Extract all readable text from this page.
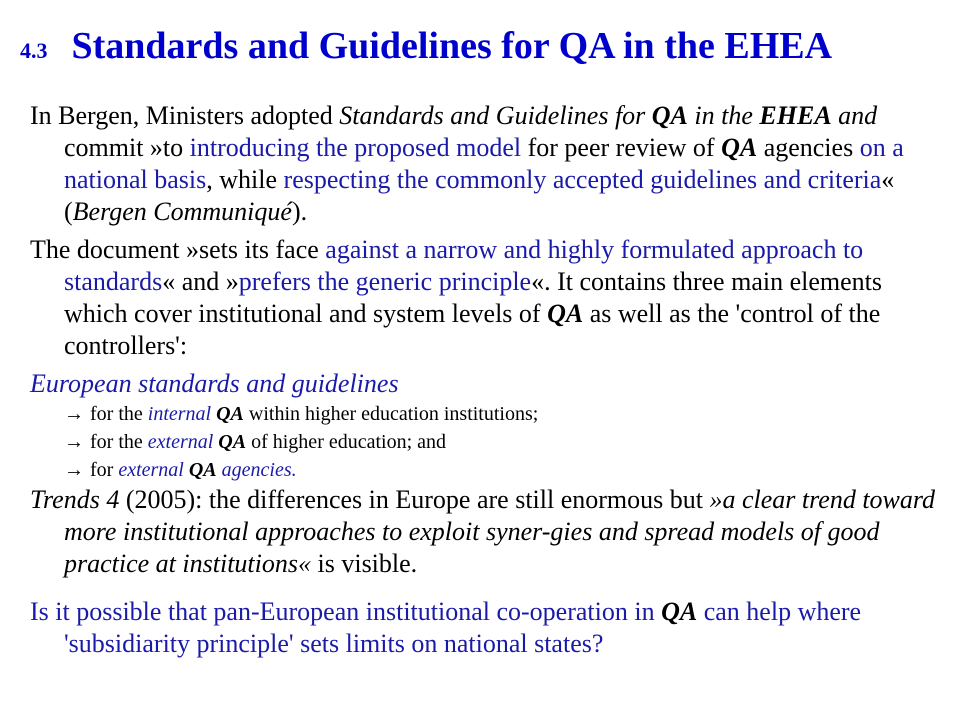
4.3 Standards and Guidelines for QA in the EHEA
In Bergen, Ministers adopted Standards and Guidelines for QA in the EHEA and commit »to introducing the proposed model for peer review of QA agencies on a national basis, while respecting the commonly accepted guidelines and criteria« (Bergen Communiqué).
The document »sets its face against a narrow and highly formulated approach to standards« and »prefers the generic principle«. It contains three main elements which cover institutional and system levels of QA as well as the 'control of the controllers':
European standards and guidelines
→ for the internal QA within higher education institutions;
→ for the external QA of higher education; and
→ for external QA agencies.
Trends 4 (2005): the differences in Europe are still enormous but »a clear trend toward more institutional approaches to exploit syner-gies and spread models of good practice at institutions« is visible.
Is it possible that pan-European institutional co-operation in QA can help where 'subsidiarity principle' sets limits on national states?
